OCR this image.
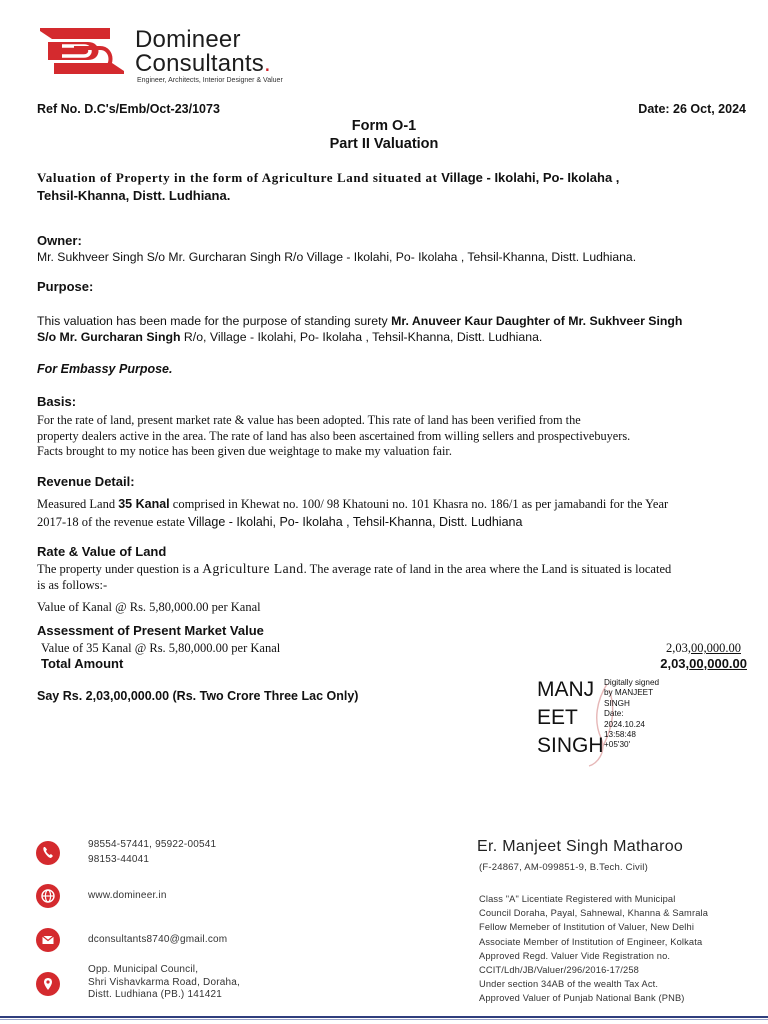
Domineer
Consultants.
Engineer, Architects, Interior Designer & Valuer
Ref No. D.C's/Emb/Oct-23/1073	Date: 26 Oct, 2024
Form O-1
Part II Valuation
Valuation of Property in the form of Agriculture Land situated at Village - Ikolahi, Po- Ikolaha ,
Tehsil-Khanna, Distt. Ludhiana.
Owner:
Mr. Sukhveer Singh S/o Mr. Gurcharan Singh R/o Village - Ikolahi, Po- Ikolaha , Tehsil-Khanna, Distt. Ludhiana.
Purpose:
This valuation has been made for the purpose of standing surety Mr. Anuveer Kaur Daughter of Mr. Sukhveer Singh
S/o Mr. Gurcharan Singh R/o, Village - Ikolahi, Po- Ikolaha , Tehsil-Khanna, Distt. Ludhiana.
For Embassy Purpose.
Basis:
For the rate of land, present market rate & value has been adopted. This rate of land has been verified from the
property dealers active in the area. The rate of land has also been ascertained from willing sellers and prospectivebuyers.
Facts brought to my notice has been given due weightage to make my valuation fair.
Revenue Detail:
Measured Land 35 Kanal comprised in Khewat no. 100/ 98 Khatouni no. 101 Khasra no. 186/1 as per jamabandi for the Year
2017-18 of the revenue estate Village - Ikolahi, Po- Ikolaha , Tehsil-Khanna, Distt. Ludhiana
Rate & Value of Land
The property under question is a Agriculture Land. The average rate of land in the area where the Land is situated is located
is as follows:-
Value of Kanal @ Rs. 5,80,000.00 per Kanal
Assessment of Present Market Value
Value of 35 Kanal @ Rs. 5,80,000.00 per Kanal	2,03,00,000.00
Total Amount	2,03,00,000.00
Say Rs. 2,03,00,000.00 (Rs. Two Crore Three Lac Only)	MANJ
EET
SINGH
Digitally signed
by MANJEET
SINGH
Date:
2024.10.24
13:58:48
+05'30'
98554-57441, 95922-00541
98153-44041
www.domineer.in
dconsultants8740@gmail.com
Opp. Municipal Council,
Shri Vishavkarma Road, Doraha,
Distt. Ludhiana (PB.) 141421
Er. Manjeet Singh Matharoo
(F-24867, AM-099851-9, B.Tech. Civil)
Class "A" Licentiate Registered with Municipal
Council Doraha, Payal, Sahnewal, Khanna & Samrala
Fellow Memeber of Institution of Valuer, New Delhi
Associate Member of Institution of Engineer, Kolkata
Approved Regd. Valuer Vide Registration no.
CCIT/Ldh/JB/Valuer/296/2016-17/258
Under section 34AB of the wealth Tax Act.
Approved Valuer of Punjab National Bank (PNB)
